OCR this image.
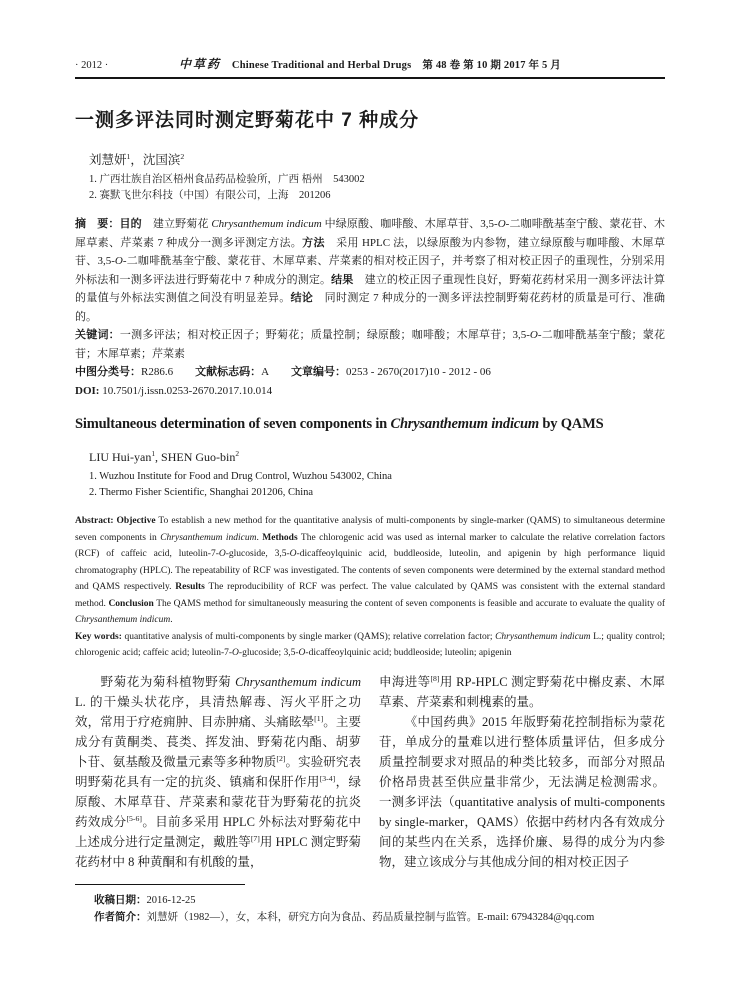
· 2012 ·	中草药   Chinese Traditional and Herbal Drugs  第 48 卷 第 10 期 2017 年 5 月
一测多评法同时测定野菊花中 7 种成分
刘慧妍$^1$，沈国滨$^2$
1. 广西壮族自治区梧州食品药品检验所，广西 梧州　543002
2. 赛默飞世尔科技（中国）有限公司，上海　201206

摘　要：目的　建立野菊花 Chrysanthemum indicum 中绿原酸、咖啡酸、木犀草苷、3,5-O-二咖啡酰基奎宁酸、蒙花苷、木犀草素、芹菜素 7 种成分一测多评测定方法。方法　采用 HPLC 法，以绿原酸为内参物，建立绿原酸与咖啡酸、木犀草苷、3,5-O-二咖啡酰基奎宁酸、蒙花苷、木犀草素、芹菜素的相对校正因子，并考察了相对校正因子的重现性，分别采用外标法和一测多评法进行野菊花中 7 种成分的测定。结果　建立的校正因子重现性良好，野菊花药材采用一测多评法计算的量值与外标法实测值之间没有明显差异。结论　同时测定 7 种成分的一测多评法控制野菊花药材的质量是可行、准确的。

关键词：一测多评法；相对校正因子；野菊花；质量控制；绿原酸；咖啡酸；木犀草苷；3,5-O-二咖啡酰基奎宁酸；蒙花苷；木犀草素；芹菜素

中图分类号：R286.6        文献标志码：A        文章编号：0253 - 2670(2017)10 - 2012 - 06

DOI: 10.7501/j.issn.0253-2670.2017.10.014

Simultaneous determination of seven components in Chrysanthemum indicum by QAMS
LIU Hui-yan$^1$, SHEN Guo-bin$^2$
1. Wuzhou Institute for Food and Drug Control, Wuzhou 543002, China
2. Thermo Fisher Scientific, Shanghai 201206, China

Abstract: Objective To establish a new method for the quantitative analysis of multi-components by single-marker (QAMS) to simultaneous determine seven components in Chrysanthemum indicum. Methods The chlorogenic acid was used as internal marker to calculate the relative correlation factors (RCF) of caffeic acid, luteolin-7-O-glucoside, 3,5-O-dicaffeoylquinic acid, buddleoside, luteolin, and apigenin by high performance liquid chromatography (HPLC). The repeatability of RCF was investigated. The contents of seven components were determined by the external standard method and QAMS respectively. Results The reproducibility of RCF was perfect. The value calculated by QAMS was consistent with the external standard method. Conclusion The QAMS method for simultaneously measuring the content of seven components is feasible and accurate to evaluate the quality of Chrysanthemum indicum.

Key words: quantitative analysis of multi-components by single marker (QAMS); relative correlation factor; Chrysanthemum indicum L.; quality control; chlorogenic acid; caffeic acid; luteolin-7-O-glucoside; 3,5-O-dicaffeoylquinic acid; buddleoside; luteolin; apigenin

野菊花为菊科植物野菊 Chrysanthemum indicum L. 的干燥头状花序，具清热解毒、泻火平肝之功效，常用于疗疮痈肿、目赤肿痛、头痛眩晕[1]。主要成分有黄酮类、萇类、挥发油、野菊花内酯、胡萝卜苷、氨基酸及微量元素等多种物质[2]。实验研究表明野菊花具有一定的抗炎、镇痛和保肝作用[3-4]，绿原酸、木犀草苷、芹菜素和蒙花苷为野菊花的抗炎药效成分[5-6]。目前多采用 HPLC 外标法对野菊花中上述成分进行定量测定，戴胜等[7]用 HPLC 测定野菊花药材中 8 种黄酮和有机酸的量，

申海进等[8]用 RP-HPLC 测定野菊花中槲皮素、木犀草素、芹菜素和刺槐素的量。

《中国药典》2015 年版野菊花控制指标为蒙花苷，单成分的量难以进行整体质量评估，但多成分质量控制要求对照品的种类比较多，而部分对照品价格昂贵甚至供应量非常少，无法满足检测需求。一测多评法（quantitative analysis of multi-components by single-marker，QAMS）依据中药材内各有效成分间的某些内在关系，选择价廉、易得的成分为内参物，建立该成分与其他成分间的相对校正因子

收稿日期：2016-12-25
作者简介：刘慧妍（1982—），女，本科，研究方向为食品、药品质量控制与监管。E-mail: 67943284@qq.com
